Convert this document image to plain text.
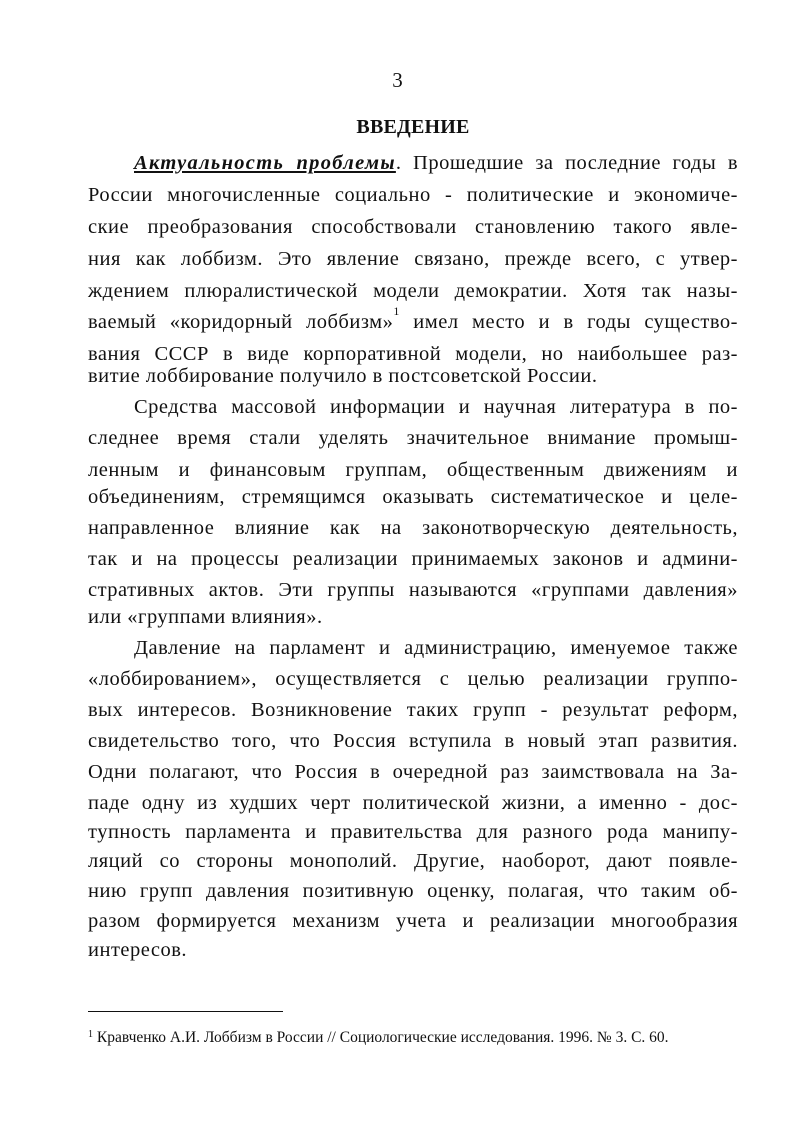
3
ВВЕДЕНИЕ
Актуальность проблемы. Прошедшие за последние годы в
России многочисленные социально - политические и экономиче-
ские преобразования способствовали становлению такого явле-
ния как лоббизм. Это явление связано, прежде всего, с утвер-
ждением плюралистической модели демократии. Хотя так назы-
ваемый «коридорный лоббизм»$^1$ имел место и в годы существо-
вания СССР в виде корпоративной модели, но наибольшее раз-
витие лоббирование получило в постсоветской России.
Средства массовой информации и научная литература в по-
следнее время стали уделять значительное внимание промыш-
ленным и финансовым группам, общественным движениям и
объединениям, стремящимся оказывать систематическое и целе-
направленное влияние как на законотворческую деятельность,
так и на процессы реализации принимаемых законов и админи-
стративных актов. Эти группы называются «группами давления»
или «группами влияния».
Давление на парламент и администрацию, именуемое также
«лоббированием», осуществляется с целью реализации группо-
вых интересов. Возникновение таких групп - результат реформ,
свидетельство того, что Россия вступила в новый этап развития.
Одни полагают, что Россия в очередной раз заимствовала на За-
паде одну из худших черт политической жизни, а именно - дос-
тупность парламента и правительства для разного рода манипу-
ляций со стороны монополий. Другие, наоборот, дают появле-
нию групп давления позитивную оценку, полагая, что таким об-
разом формируется механизм учета и реализации многообразия
интересов.
$^1$ Кравченко А.И. Лоббизм в России // Социологические исследования. 1996. № 3. С. 60.
